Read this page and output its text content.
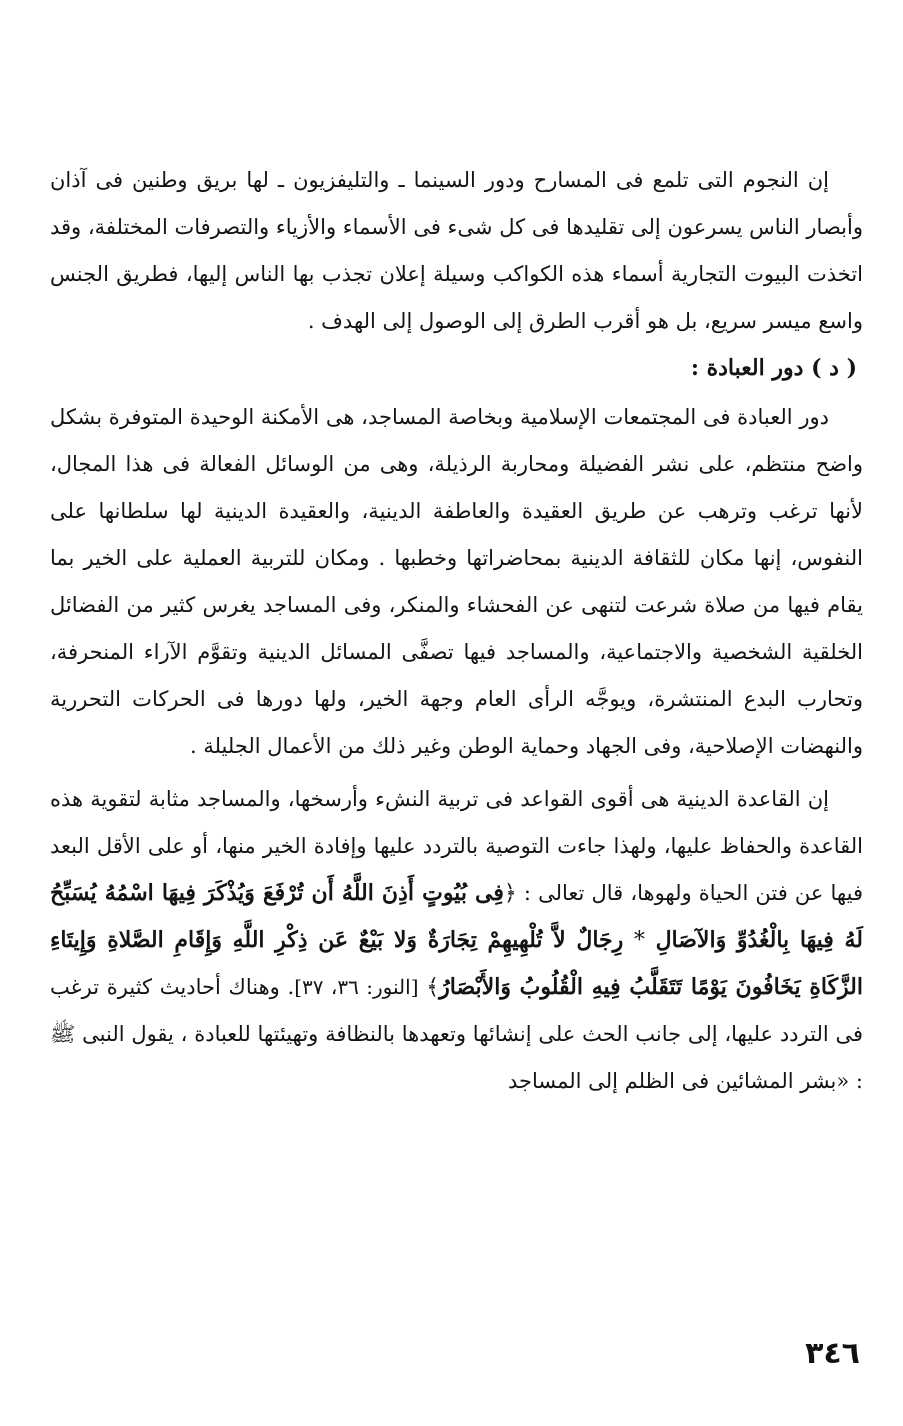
إن النجوم التى تلمع فى المسارح ودور السينما ـ والتليفزيون ـ لها بريق وطنين فى آذان وأبصار الناس يسرعون إلى تقليدها فى كل شىء فى الأسماء والأزياء والتصرفات المختلفة، وقد اتخذت البيوت التجارية أسماء هذه الكواكب وسيلة إعلان تجذب بها الناس إليها، فطريق الجنس واسع ميسر سريع، بل هو أقرب الطرق إلى الوصول إلى الهدف .

( د ) دور العبادة :

دور العبادة فى المجتمعات الإسلامية وبخاصة المساجد، هى الأمكنة الوحيدة المتوفرة بشكل واضح منتظم، على نشر الفضيلة ومحاربة الرذيلة، وهى من الوسائل الفعالة فى هذا المجال، لأنها ترغب وترهب عن طريق العقيدة والعاطفة الدينية، والعقيدة الدينية لها سلطانها على النفوس، إنها مكان للثقافة الدينية بمحاضراتها وخطبها . ومكان للتربية العملية على الخير بما يقام فيها من صلاة شرعت لتنهى عن الفحشاء والمنكر، وفى المساجد يغرس كثير من الفضائل الخلقية الشخصية والاجتماعية، والمساجد فيها تصفَّى المسائل الدينية وتقوَّم الآراء المنحرفة، وتحارب البدع المنتشرة، ويوجَّه الرأى العام وجهة الخير، ولها دورها فى الحركات التحررية والنهضات الإصلاحية، وفى الجهاد وحماية الوطن وغير ذلك من الأعمال الجليلة .

إن القاعدة الدينية هى أقوى القواعد فى تربية النشء وأرسخها، والمساجد مثابة لتقوية هذه القاعدة والحفاظ عليها، ولهذا جاءت التوصية بالتردد عليها وإفادة الخير منها، أو على الأقل البعد فيها عن فتن الحياة ولهوها، قال تعالى : ﴿فِى بُيُوتٍ أَذِنَ اللَّهُ أَن تُرْفَعَ وَيُذْكَرَ فِيهَا اسْمُهُ يُسَبِّحُ لَهُ فِيهَا بِالْغُدُوِّ وَالآصَالِ * رِجَالٌ لاَّ تُلْهِيهِمْ تِجَارَةٌ وَلا بَيْعٌ عَن ذِكْرِ اللَّهِ وَإِقَامِ الصَّلاةِ وَإِيتَاءِ الزَّكَاةِ يَخَافُونَ يَوْمًا تَتَقَلَّبُ فِيهِ الْقُلُوبُ وَالأَبْصَارُ﴾ [النور: ٣٦، ٣٧]. وهناك أحاديث كثيرة ترغب فى التردد عليها، إلى جانب الحث على إنشائها وتعهدها بالنظافة وتهيئتها للعبادة ، يقول النبى ﷺ : «بشر المشائين فى الظلم إلى المساجد

٣٤٦
